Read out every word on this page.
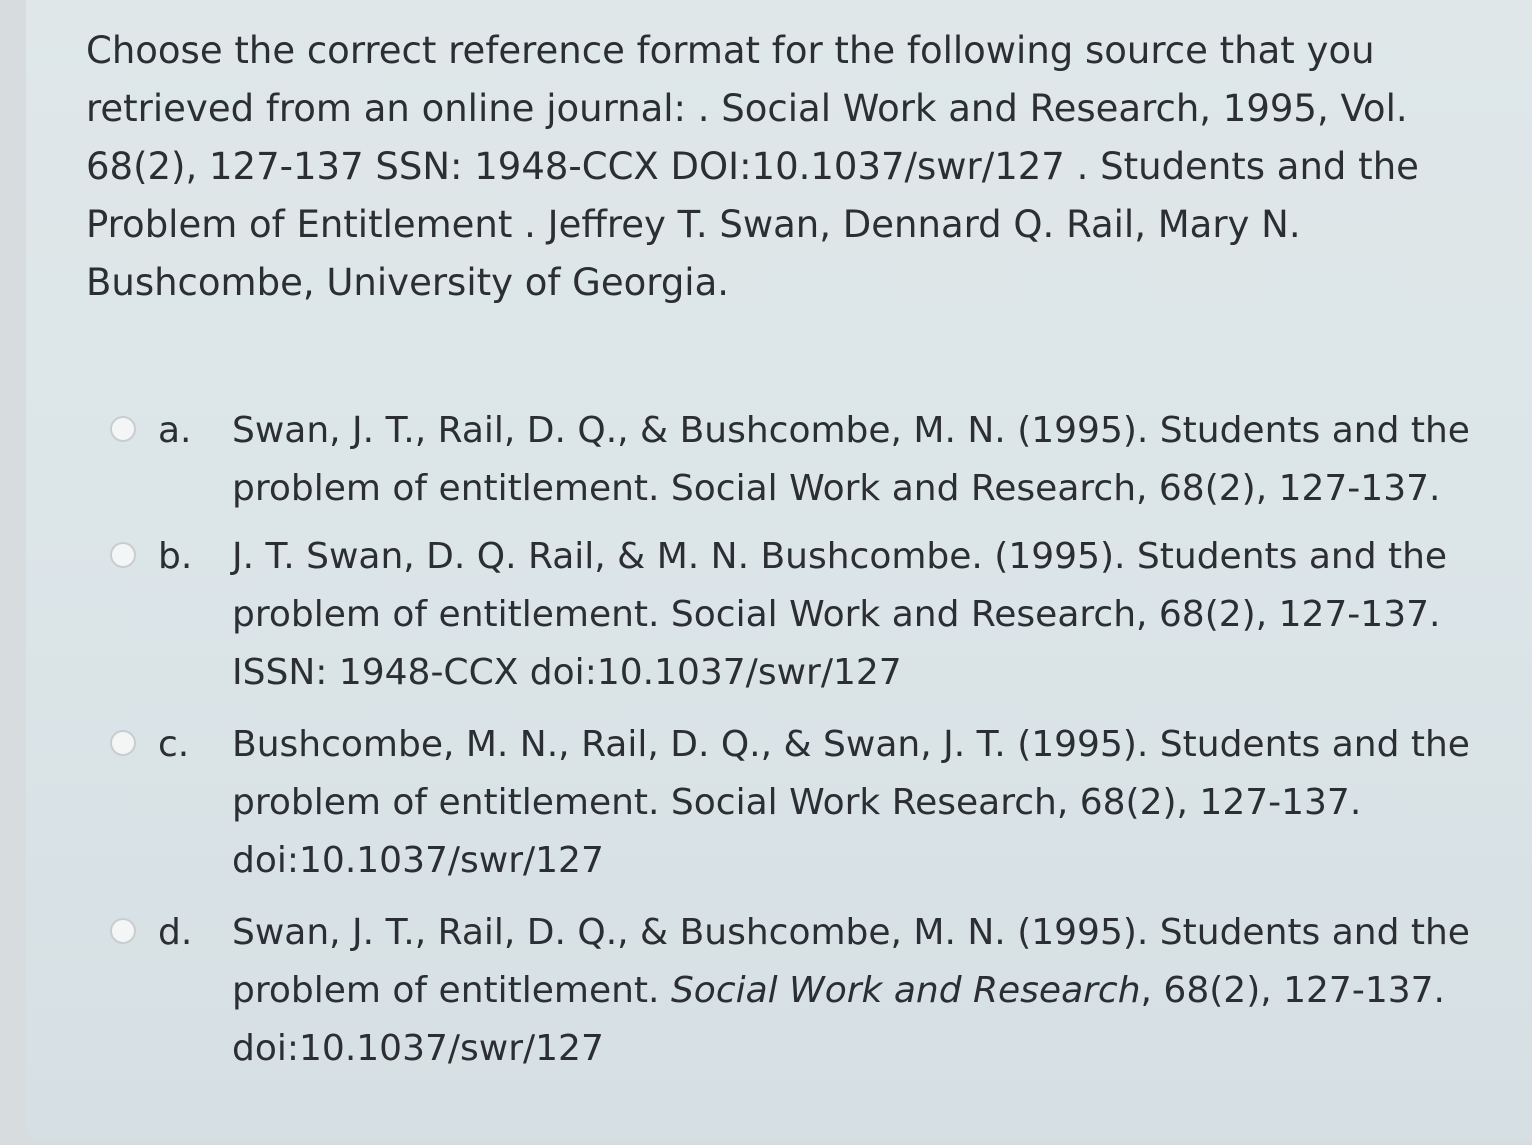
Choose the correct reference format for the following source that you retrieved from an online journal: . Social Work and Research, 1995, Vol. 68(2), 127-137 SSN: 1948-CCX DOI:10.1037/swr/127 . Students and the Problem of Entitlement . Jeffrey T. Swan, Dennard Q. Rail, Mary N. Bushcombe, University of Georgia.

a. Swan, J. T., Rail, D. Q., & Bushcombe, M. N. (1995). Students and the problem of entitlement. Social Work and Research, 68(2), 127-137.
b. J. T. Swan, D. Q. Rail, & M. N. Bushcombe. (1995). Students and the problem of entitlement. Social Work and Research, 68(2), 127-137. ISSN: 1948-CCX doi:10.1037/swr/127
c. Bushcombe, M. N., Rail, D. Q., & Swan, J. T. (1995). Students and the problem of entitlement. Social Work Research, 68(2), 127-137. doi:10.1037/swr/127
d. Swan, J. T., Rail, D. Q., & Bushcombe, M. N. (1995). Students and the problem of entitlement. Social Work and Research, 68(2), 127-137. doi:10.1037/swr/127
